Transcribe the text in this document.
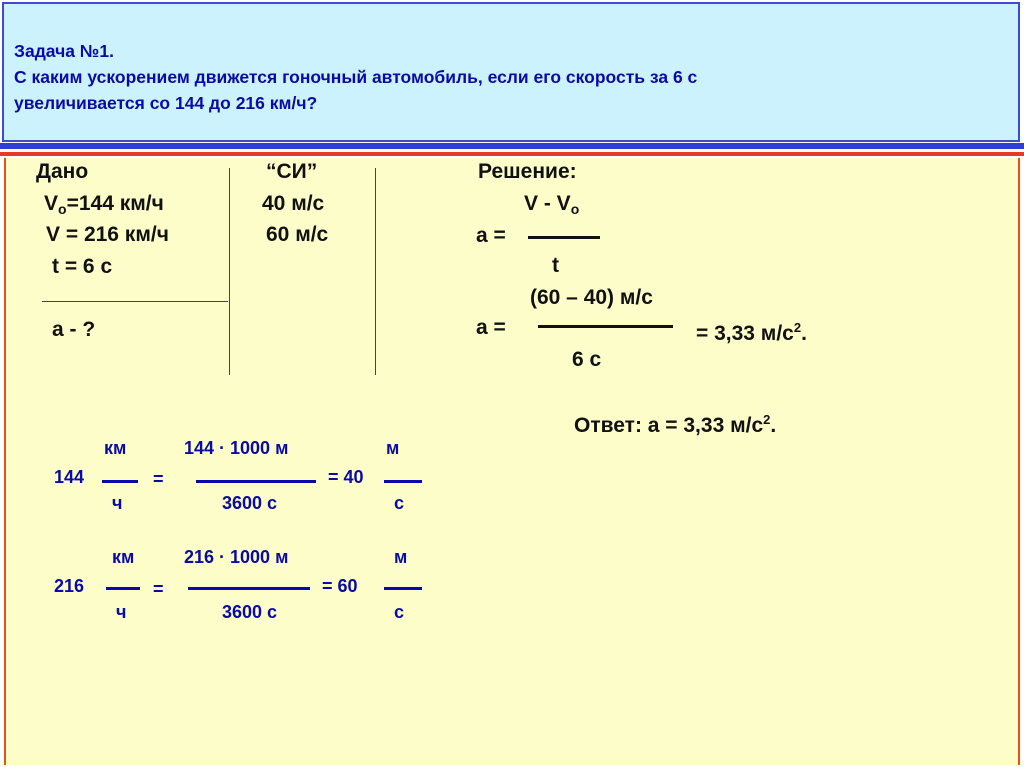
Задача №1.
С каким ускорением движется гоночный автомобиль, если его скорость за 6 с
увеличивается со 144 до 216 км/ч?
Дано
$V_o=144$ км/ч
V = 216 км/ч
t = 6 с
a - ?
“СИ”
40 м/с
60 м/с
Решение:
V - $V_o$
a =
t
(60 – 40) м/с
a =	= 3,33 $м/с^2$.
6 с
Ответ: a = 3,33 $м/с^2$.
км	144 · 1000 м	м
144	=	= 40
ч	3600 с	с
км	216 · 1000 м	м
216	=	= 60
ч	3600 с	с
